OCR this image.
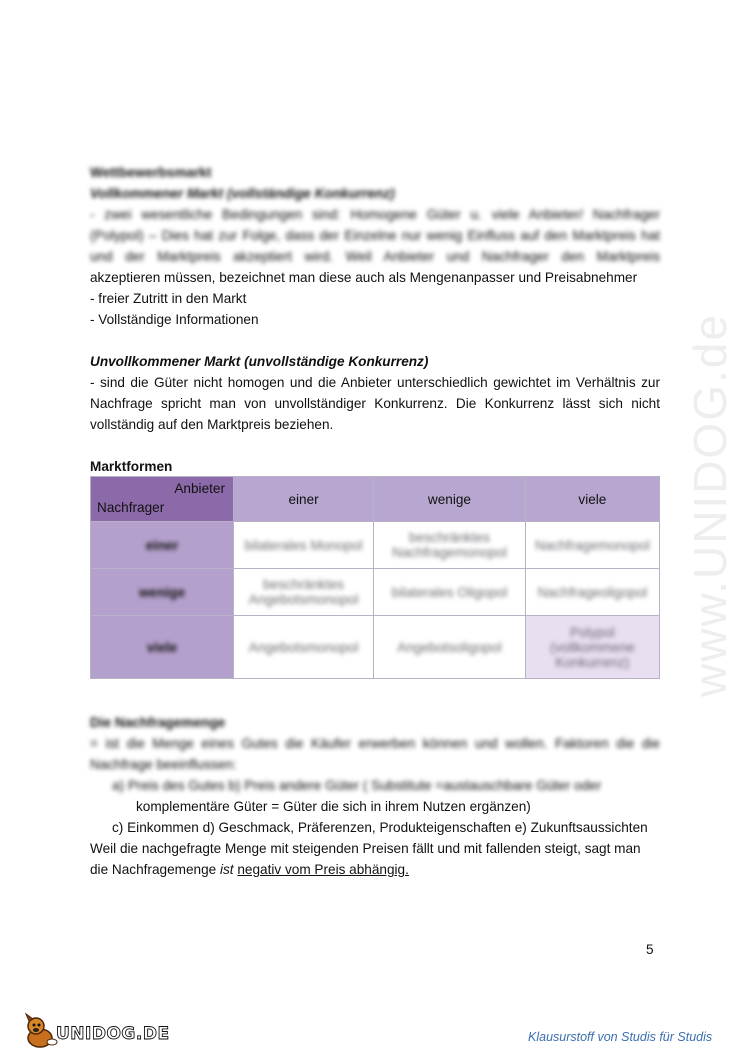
Wettbewerbsmarkt

Vollkommener Markt (vollständige Konkurrenz)

- zwei wesentliche Bedingungen sind: Homogene Güter u. viele Anbieter/ Nachfrager

(Polypol) – Dies hat zur Folge, dass der Einzelne nur wenig Einfluss auf den Marktpreis hat

und der Marktpreis akzeptiert wird. Weil Anbieter und Nachfrager den Marktpreis

akzeptieren müssen, bezeichnet man diese auch als Mengenanpasser und Preisabnehmer

- freier Zutritt in den Markt

- Vollständige Informationen

Unvollkommener Markt (unvollständige Konkurrenz)

- sind die Güter nicht homogen und die Anbieter unterschiedlich gewichtet im Verhältnis zur

Nachfrage spricht man von unvollständiger Konkurrenz. Die Konkurrenz lässt sich nicht

vollständig auf den Marktpreis beziehen.

Marktformen

Anbieter
Nachfrager	einer	wenige	viele
einer	bilaterales Monopol	beschränktes Nachfragemonopol	Nachfragemonopol
wenige	beschränktes Angebotsmonopol	bilaterales Oligopol	Nachfrageoligopol
viele	Angebotsmonopol	Angebotsoligopol	Polypol (vollkommene Konkurrenz)

Die Nachfragemenge

= ist die Menge eines Gutes die Käufer erwerben können und wollen. Faktoren die die

Nachfrage beeinflussen:

a) Preis des Gutes b) Preis andere Güter ( Substitute =austauschbare Güter oder

komplementäre Güter = Güter die sich in ihrem Nutzen ergänzen)

c) Einkommen d) Geschmack, Präferenzen, Produkteigenschaften e) Zukunftsaussichten

Weil die nachgefragte Menge mit steigenden Preisen fällt und mit fallenden steigt, sagt man

die Nachfragemenge ist negativ vom Preis abhängig.

5
www.UNIDOG.de
UNIDOG.DE	Klausurstoff von Studis für Studis
